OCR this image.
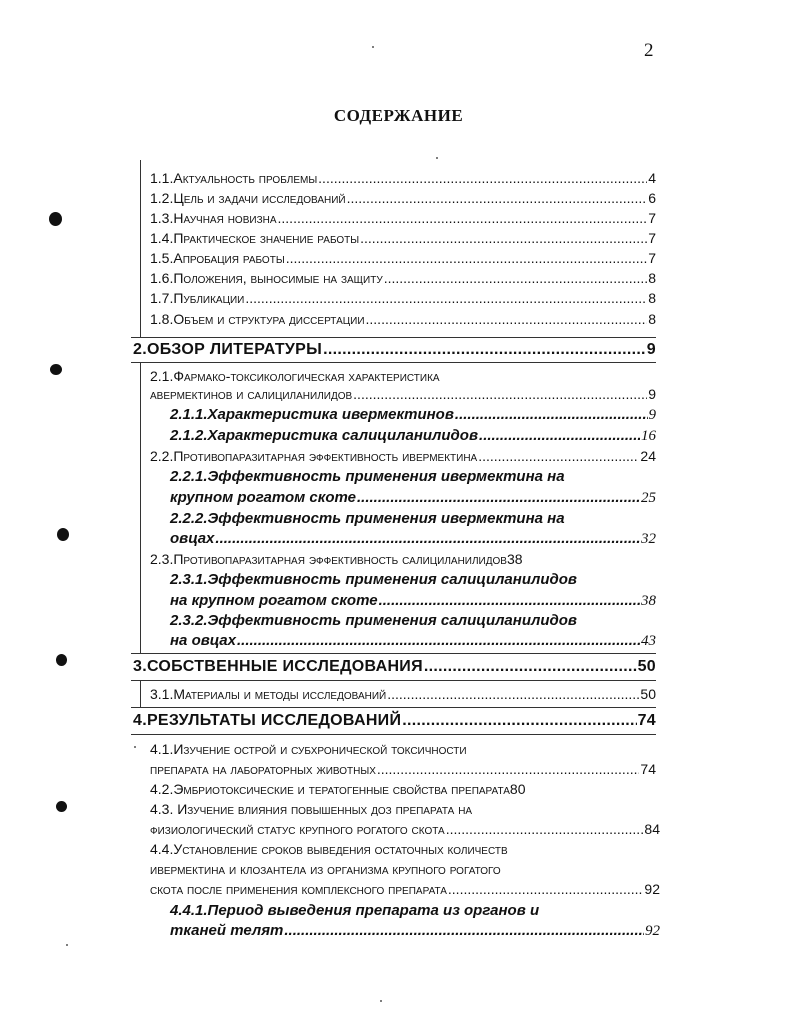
2
СОДЕРЖАНИЕ
1.1.Актуальность проблемы .....	4
1.2.Цель и задачи исследований .....	6
1.3.Научная новизна .....	7
1.4.Практическое значение работы .....	7
1.5.Апробация работы .....	7
1.6.Положения, выносимые на защиту .....	8
1.7.Публикации .....	8
1.8.Объем и структура диссертации .....	8
2.ОБЗОР ЛИТЕРАТУРЫ .....	9
2.1.Фармако-токсикологическая характеристика
авермектинов и салициланилидов .....	9
2.1.1.Характеристика ивермектинов .....	9
2.1.2.Характеристика салициланилидов .....	16
2.2.Противопаразитарная эффективность ивермектина .....	24
2.2.1.Эффективность применения ивермектина на
крупном рогатом скоте .....	25
2.2.2.Эффективность применения ивермектина на
овцах .....	32
2.3.Противопаразитарная эффективность салициланилидов 38
2.3.1.Эффективность применения салициланилидов
на крупном рогатом скоте .....	38
2.3.2.Эффективность применения салициланилидов
на овцах .....	43
3.СОБСТВЕННЫЕ ИССЛЕДОВАНИЯ .....	50
3.1.Материалы и методы исследований .....	50
4.РЕЗУЛЬТАТЫ ИССЛЕДОВАНИЙ .....	74
4.1.Изучение острой и субхронической токсичности
препарата на лабораторных животных .....	74
4.2.Эмбриотоксические и тератогенные свойства препарата 80
4.3. Изучение влияния повышенных доз препарата на
физиологический статус крупного рогатого скота .....	84
4.4.Установление сроков выведения остаточных количеств
ивермектина и клозантела из организма крупного рогатого
скота после применения комплексного препарата .....	92
4.4.1.Период выведения препарата из органов и
тканей телят .....	92
